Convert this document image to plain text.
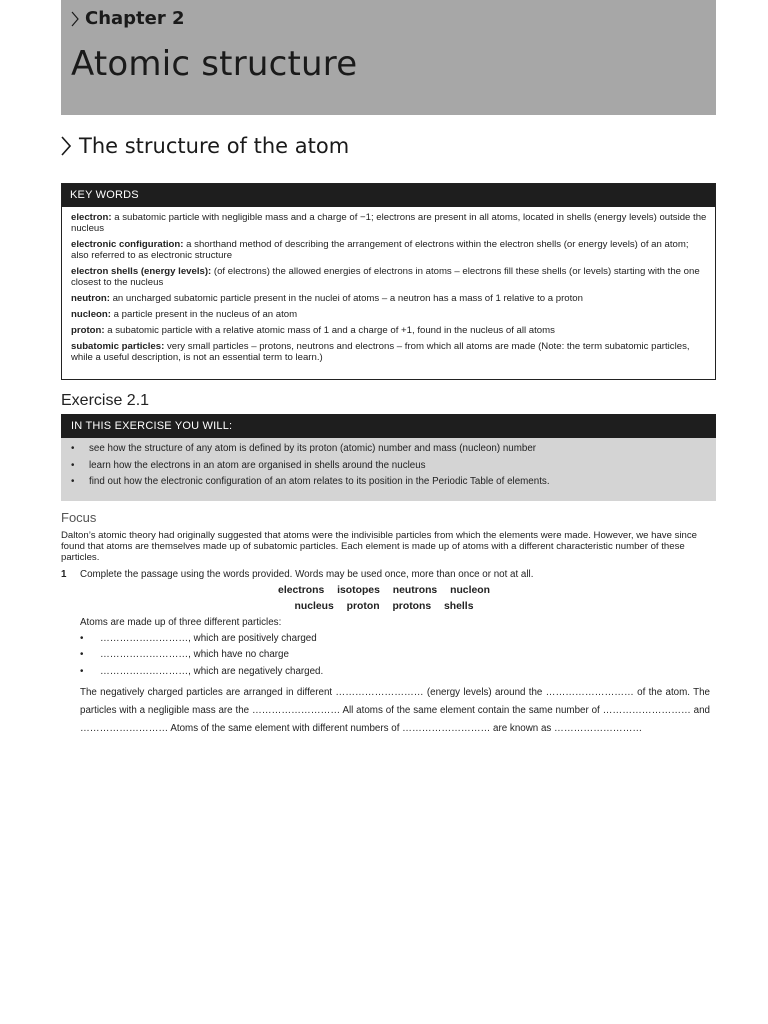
Chapter 2
Atomic structure
The structure of the atom
KEY WORDS
electron: a subatomic particle with negligible mass and a charge of −1; electrons are present in all atoms, located in shells (energy levels) outside the nucleus
electronic configuration: a shorthand method of describing the arrangement of electrons within the electron shells (or energy levels) of an atom; also referred to as electronic structure
electron shells (energy levels): (of electrons) the allowed energies of electrons in atoms – electrons fill these shells (or levels) starting with the one closest to the nucleus
neutron: an uncharged subatomic particle present in the nuclei of atoms – a neutron has a mass of 1 relative to a proton
nucleon: a particle present in the nucleus of an atom
proton: a subatomic particle with a relative atomic mass of 1 and a charge of +1, found in the nucleus of all atoms
subatomic particles: very small particles – protons, neutrons and electrons – from which all atoms are made (Note: the term subatomic particles, while a useful description, is not an essential term to learn.)
Exercise 2.1
IN THIS EXERCISE YOU WILL:
•	see how the structure of any atom is defined by its proton (atomic) number and mass (nucleon) number
•	learn how the electrons in an atom are organised in shells around the nucleus
•	find out how the electronic configuration of an atom relates to its position in the Periodic Table of elements.
Focus
Dalton’s atomic theory had originally suggested that atoms were the indivisible particles from which the elements were made. However, we have since found that atoms are themselves made up of subatomic particles. Each element is made up of atoms with a different characteristic number of these particles.
1	Complete the passage using the words provided. Words may be used once, more than once or not at all.
electrons isotopes neutrons nucleon
nucleus proton protons shells
Atoms are made up of three different particles:
•	………………………, which are positively charged
•	………………………, which have no charge
•	………………………, which are negatively charged.
The negatively charged particles are arranged in different ……………………… (energy levels) around the ……………………… of the atom. The particles with a negligible mass are the ……………………… All atoms of the same element contain the same number of ……………………… and ……………………… Atoms of the same element with different numbers of ……………………… are known as ………………………
